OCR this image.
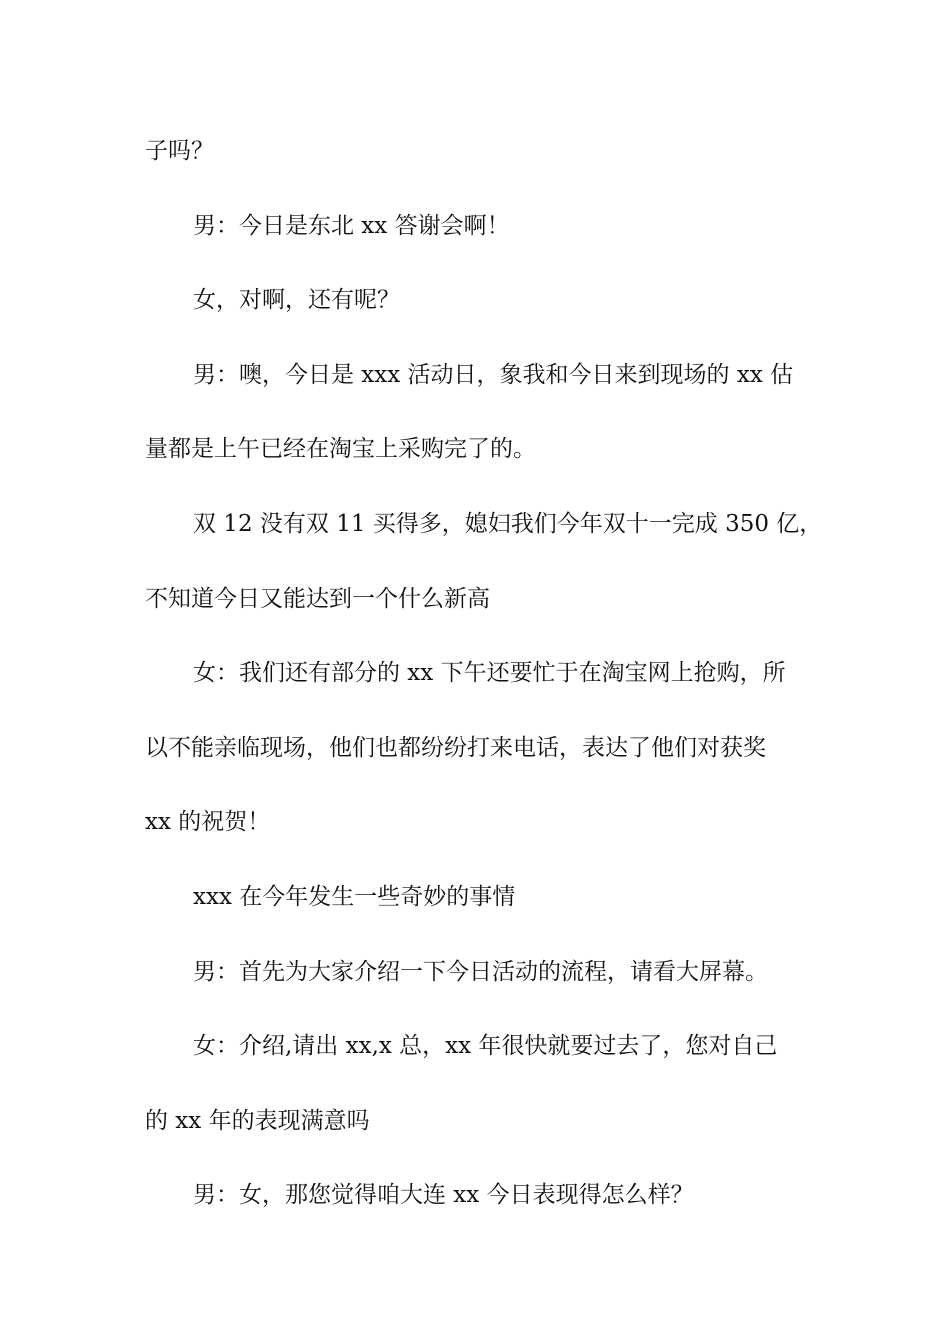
子吗？

男：今日是东北 xx 答谢会啊！

女，对啊，还有呢？

男：噢，今日是 xxx 活动日，象我和今日来到现场的 xx 估

量都是上午已经在淘宝上采购完了的。

双 12 没有双 11 买得多，媳妇我们今年双十一完成 350 亿，

不知道今日又能达到一个什么新高

女：我们还有部分的 xx 下午还要忙于在淘宝网上抢购，所

以不能亲临现场，他们也都纷纷打来电话，表达了他们对获奖

xx 的祝贺！

xxx 在今年发生一些奇妙的事情

男：首先为大家介绍一下今日活动的流程，请看大屏幕。

女：介绍,请出 xx,x 总，xx 年很快就要过去了，您对自己

的 xx 年的表现满意吗

男：女，那您觉得咱大连 xx 今日表现得怎么样？
